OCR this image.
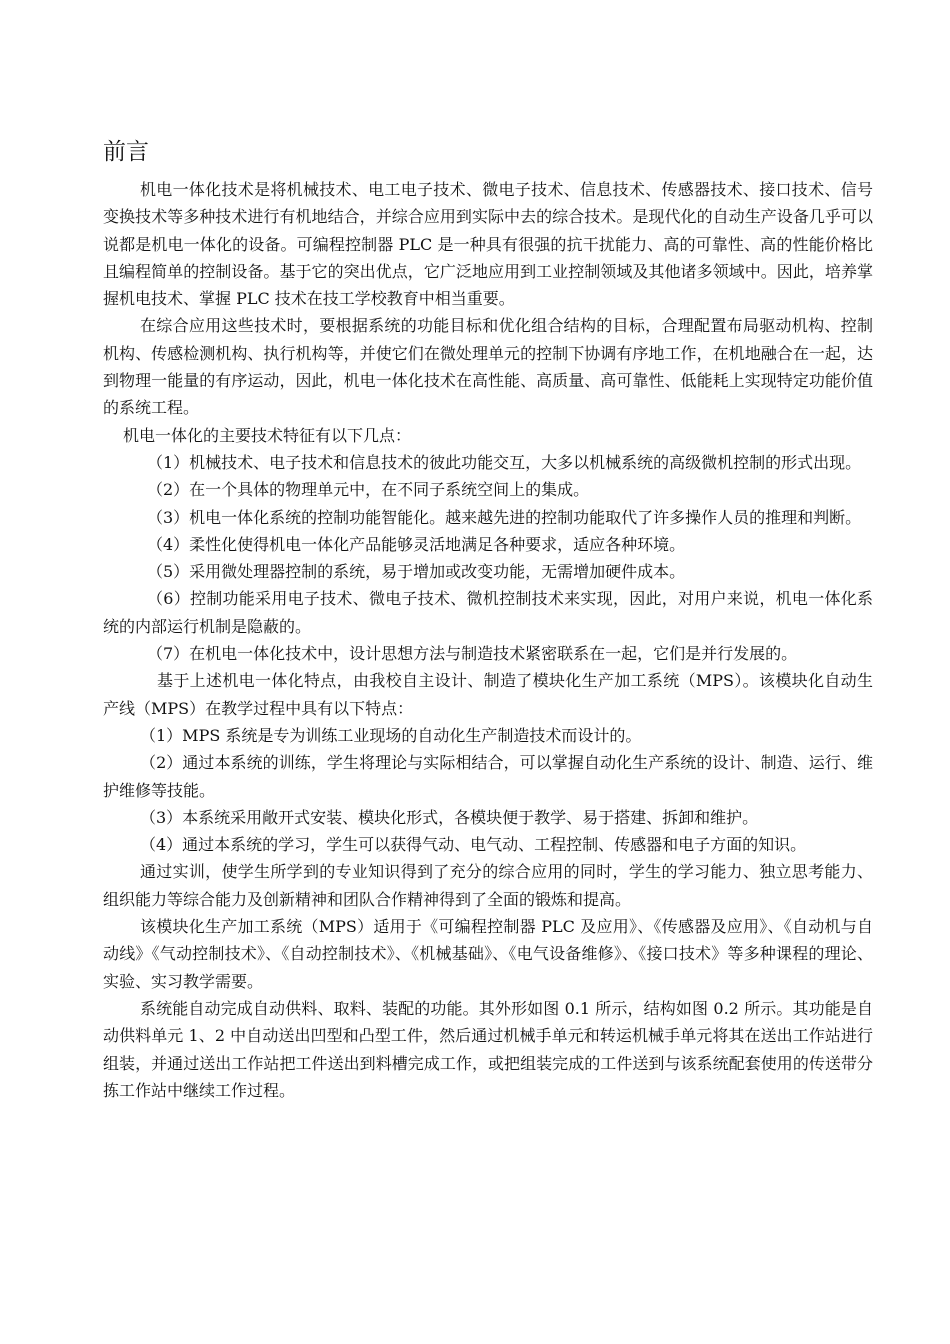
前言

机电一体化技术是将机械技术、电工电子技术、微电子技术、信息技术、传感器技术、接口技术、信号变换技术等多种技术进行有机地结合，并综合应用到实际中去的综合技术。是现代化的自动生产设备几乎可以说都是机电一体化的设备。可编程控制器 PLC 是一种具有很强的抗干扰能力、高的可靠性、高的性能价格比且编程简单的控制设备。基于它的突出优点，它广泛地应用到工业控制领域及其他诸多领域中。因此，培养掌握机电技术、掌握 PLC 技术在技工学校教育中相当重要。

在综合应用这些技术时，要根据系统的功能目标和优化组合结构的目标，合理配置布局驱动机构、控制机构、传感检测机构、执行机构等，并使它们在微处理单元的控制下协调有序地工作，在机地融合在一起，达到物理一能量的有序运动，因此，机电一体化技术在高性能、高质量、高可靠性、低能耗上实现特定功能价值的系统工程。

机电一体化的主要技术特征有以下几点：

（1）机械技术、电子技术和信息技术的彼此功能交互，大多以机械系统的高级微机控制的形式出现。

（2）在一个具体的物理单元中，在不同子系统空间上的集成。

（3）机电一体化系统的控制功能智能化。越来越先进的控制功能取代了许多操作人员的推理和判断。

（4）柔性化使得机电一体化产品能够灵活地满足各种要求，适应各种环境。

（5）采用微处理器控制的系统，易于增加或改变功能，无需增加硬件成本。

（6）控制功能采用电子技术、微电子技术、微机控制技术来实现，因此，对用户来说，机电一体化系统的内部运行机制是隐蔽的。

（7）在机电一体化技术中，设计思想方法与制造技术紧密联系在一起，它们是并行发展的。

基于上述机电一体化特点，由我校自主设计、制造了模块化生产加工系统（MPS）。该模块化自动生产线（MPS）在教学过程中具有以下特点：

（1）MPS 系统是专为训练工业现场的自动化生产制造技术而设计的。

（2）通过本系统的训练，学生将理论与实际相结合，可以掌握自动化生产系统的设计、制造、运行、维护维修等技能。

（3）本系统采用敞开式安装、模块化形式，各模块便于教学、易于搭建、拆卸和维护。

（4）通过本系统的学习，学生可以获得气动、电气动、工程控制、传感器和电子方面的知识。

通过实训，使学生所学到的专业知识得到了充分的综合应用的同时，学生的学习能力、独立思考能力、组织能力等综合能力及创新精神和团队合作精神得到了全面的锻炼和提高。

该模块化生产加工系统（MPS）适用于《可编程控制器 PLC 及应用》、《传感器及应用》、《自动机与自动线》《气动控制技术》、《自动控制技术》、《机械基础》、《电气设备维修》、《接口技术》等多种课程的理论、实验、实习教学需要。

系统能自动完成自动供料、取料、装配的功能。其外形如图 0.1 所示，结构如图 0.2 所示。其功能是自动供料单元 1、2 中自动送出凹型和凸型工件，然后通过机械手单元和转运机械手单元将其在送出工作站进行组装，并通过送出工作站把工件送出到料槽完成工作，或把组装完成的工件送到与该系统配套使用的传送带分拣工作站中继续工作过程。
